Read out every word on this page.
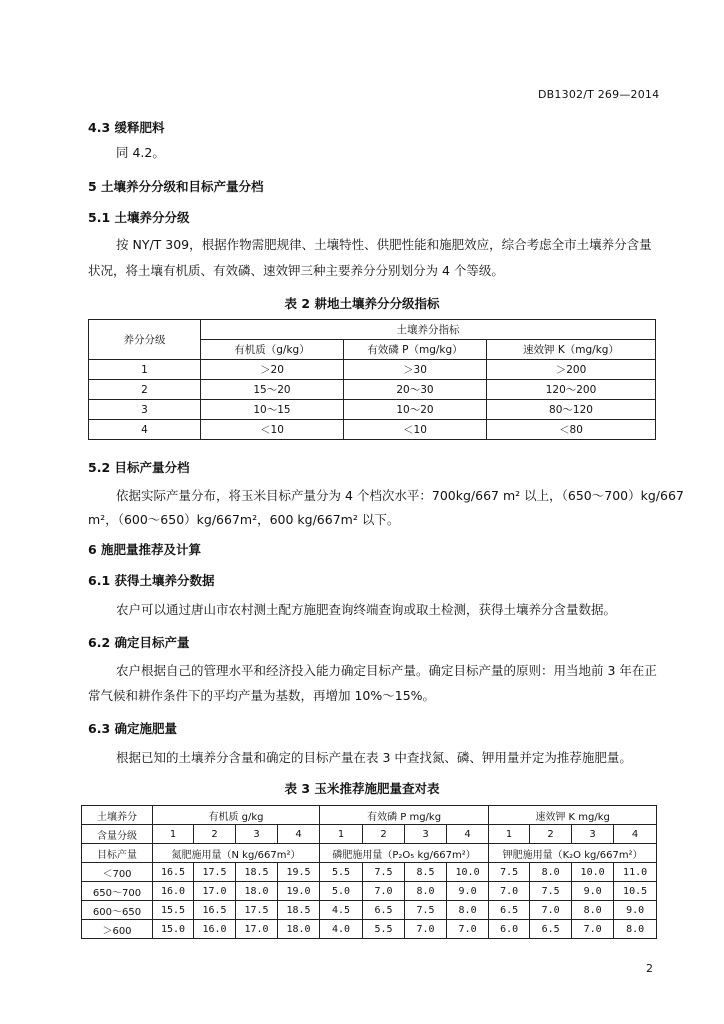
DB1302/T 269—2014
4.3 缓释肥料
同 4.2。
5 土壤养分分级和目标产量分档
5.1 土壤养分分级
按 NY/T 309，根据作物需肥规律、土壤特性、供肥性能和施肥效应，综合考虑全市土壤养分含量
状况，将土壤有机质、有效磷、速效钾三种主要养分分别划分为 4 个等级。
表 2 耕地土壤养分分级指标
养分分级	土壤养分指标		
	有机质（g/kg）	有效磷 P（mg/kg）	速效钾 K（mg/kg）
1	＞20	＞30	＞200
2	15～20	20～30	120～200
3	10～15	10～20	80～120
4	＜10	＜10	＜80
5.2 目标产量分档
依据实际产量分布，将玉米目标产量分为 4 个档次水平：700kg/667 m² 以上，（650～700）kg/667
m²，（600～650）kg/667m²，600 kg/667m² 以下。
6 施肥量推荐及计算
6.1 获得土壤养分数据
农户可以通过唐山市农村测土配方施肥查询终端查询或取土检测，获得土壤养分含量数据。
6.2 确定目标产量
农户根据自己的管理水平和经济投入能力确定目标产量。确定目标产量的原则：用当地前 3 年在正
常气候和耕作条件下的平均产量为基数，再增加 10%～15%。
6.3 确定施肥量
根据已知的土壤养分含量和确定的目标产量在表 3 中查找氮、磷、钾用量并定为推荐施肥量。
表 3 玉米推荐施肥量查对表
土壤养分	有机质 g/kg				有效磷 P mg/kg				速效钾 K mg/kg			
含量分级	1	2	3	4	1	2	3	4	1	2	3	4
目标产量	氮肥施用量（N kg/667m²）				磷肥施用量（P₂O₅ kg/667m²）				钾肥施用量（K₂O kg/667m²）			
＜700	16.5	17.5	18.5	19.5	5.5	7.5	8.5	10.0	7.5	8.0	10.0	11.0
650～700	16.0	17.0	18.0	19.0	5.0	7.0	8.0	9.0	7.0	7.5	9.0	10.5
600～650	15.5	16.5	17.5	18.5	4.5	6.5	7.5	8.0	6.5	7.0	8.0	9.0
＞600	15.0	16.0	17.0	18.0	4.0	5.5	7.0	7.0	6.0	6.5	7.0	8.0
2
